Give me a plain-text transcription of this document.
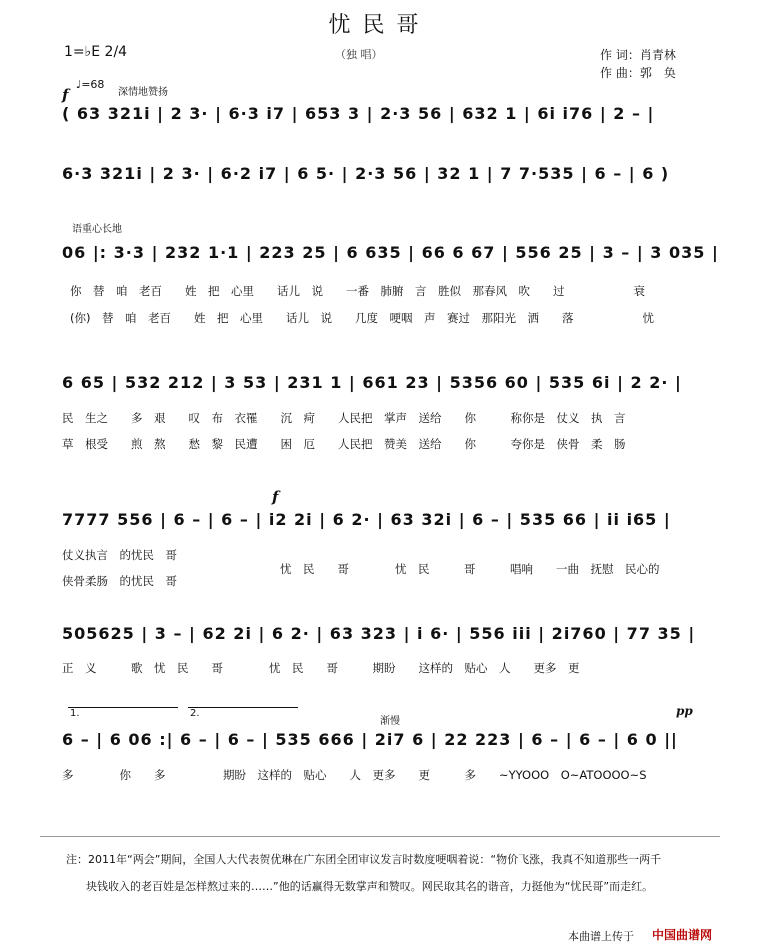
忧民哥
（独 唱）	作 词：肖青林
作 曲：郭　奂
1=♭E 2/4
♩=68
深情地赞扬
f
( 63 321i | 2 3· | 6·3 i7 | 653 3 | 2·3 56 | 632 1 | 6i i76 | 2 – |
6·3 321i | 2 3· | 6·2 i7 | 6 5· | 2·3 56 | 32 1 | 7 7·535 | 6 – | 6 )
语重心长地
06 |: 3·3 | 232 1·1 | 223 25 | 6 635 | 66 6 67 | 556 25 | 3 – | 3 035 |
你　替　咱　老百　　姓　把　心里　　话儿　说　　一番　肺腑　言　胜似　那春风　吹　　过　　　　　　衰
(你)　替　咱　老百　　姓　把　心里　　话儿　说　　几度　哽咽　声　赛过　那阳光　洒　　落　　　　　　忧
6 65 | 532 212 | 3 53 | 231 1 | 661 23 | 5356 60 | 535 6i | 2 2· |
民　生之　　多　艰　　叹　布　衣罹　　沉　疴　　人民把　掌声　送给　　你　　　称你是　仗义　执　言
草　根受　　煎　熬　　愁　黎　民遭　　困　厄　　人民把　赞美　送给　　你　　　夸你是　侠骨　柔　肠
f
7777 556 | 6 – | 6 – | i2 2i | 6 2· | 63 32i | 6 – | 535 66 | ii i65 |
仗义执言　的忧民　哥
侠骨柔肠　的忧民　哥
忧　民　　哥　　　　忧　民　　　哥　　　唱响　　一曲　抚慰　民心的
505625 | 3 – | 62 2i | 6 2· | 63 323 | i 6· | 556 iii | 2i760 | 77 35 |
正　义　　　歌　忧　民　　哥　　　　忧　民　　哥　　　期盼　　这样的　贴心　人　　更多　更
1.	2.
渐慢
pp
6 – | 6 06 :| 6 – | 6 – | 535 666 | 2i7 6 | 22 223 | 6 – | 6 – | 6 0 ||
多　　　　你　　多　　　　　期盼　这样的　贴心　　人　更多　　更　　　多　　~YYOOO　O~ATOOOO~S
注：2011年“两会”期间，全国人大代表贺优琳在广东团全团审议发言时数度哽咽着说：“物价飞涨，我真不知道那些一两千
块钱收入的老百姓是怎样熬过来的……”他的话赢得无数掌声和赞叹。网民取其名的谐音，力挺他为“忧民哥”而走红。
本曲谱上传于 中国曲谱网
